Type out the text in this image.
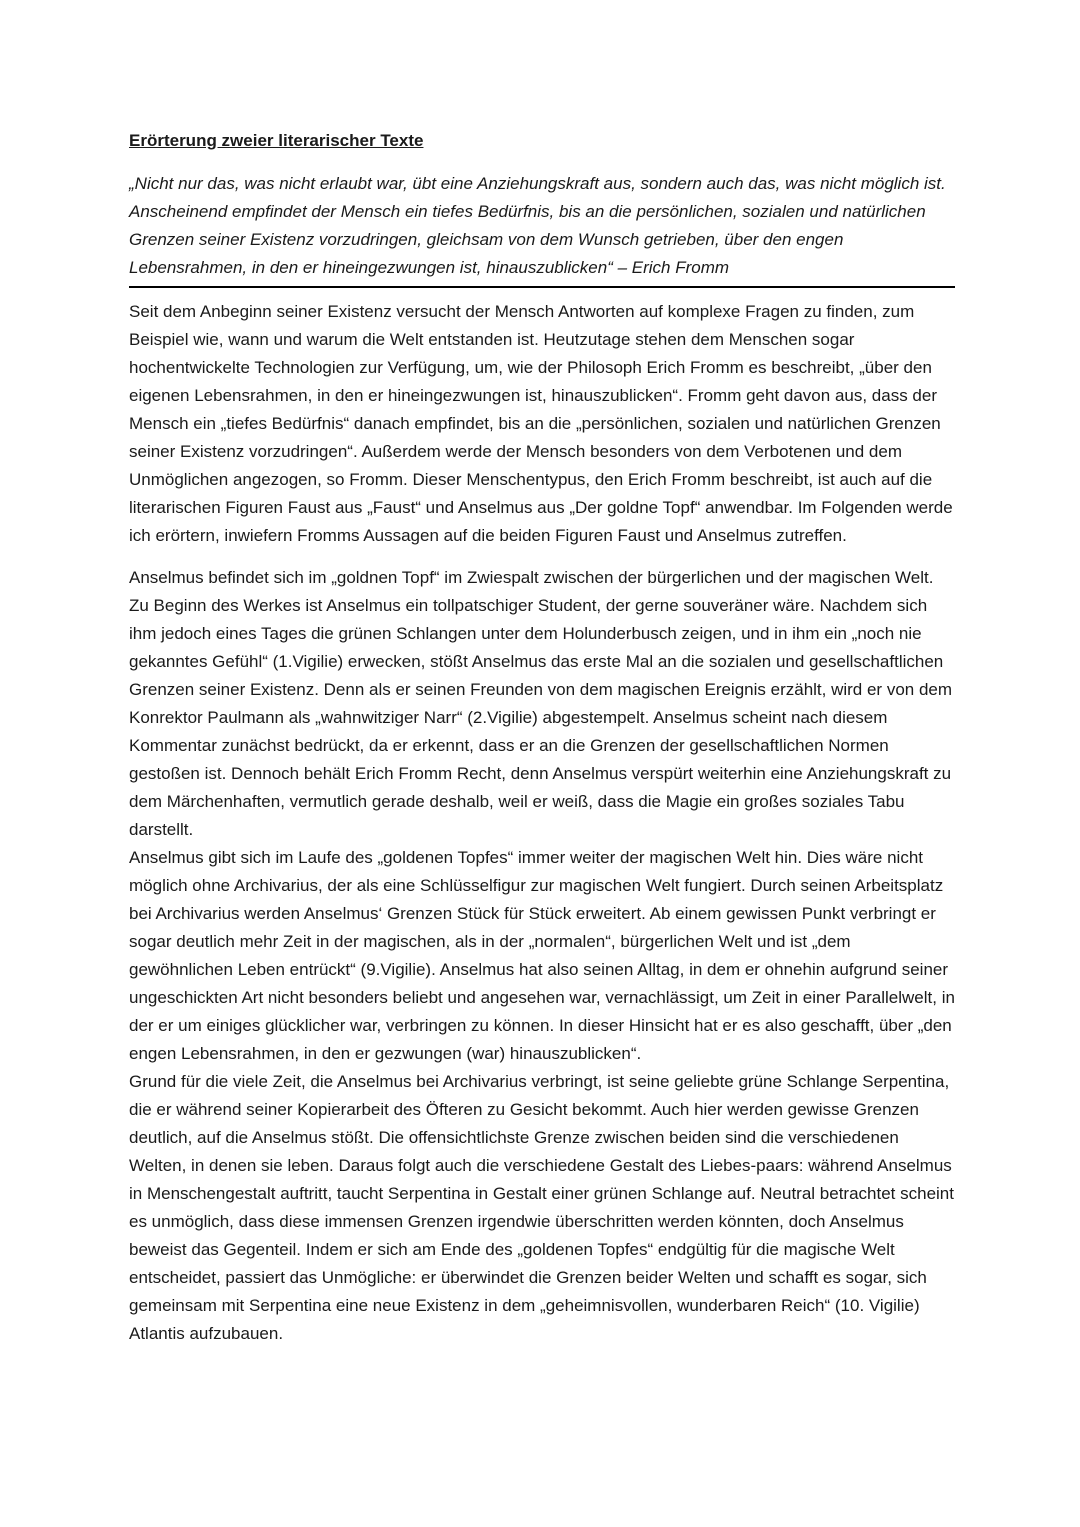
Erörterung zweier literarischer Texte

„Nicht nur das, was nicht erlaubt war, übt eine Anziehungskraft aus, sondern auch das, was nicht möglich ist. Anscheinend empfindet der Mensch ein tiefes Bedürfnis, bis an die persönlichen, sozialen und natürlichen Grenzen seiner Existenz vorzudringen, gleichsam von dem Wunsch getrieben, über den engen Lebensrahmen, in den er hineingezwungen ist, hinauszublicken“ – Erich Fromm

Seit dem Anbeginn seiner Existenz versucht der Mensch Antworten auf komplexe Fragen zu finden, zum Beispiel wie, wann und warum die Welt entstanden ist. Heutzutage stehen dem Menschen sogar hochentwickelte Technologien zur Verfügung, um, wie der Philosoph Erich Fromm es beschreibt, „über den eigenen Lebensrahmen, in den er hineingezwungen ist, hinauszublicken“. Fromm geht davon aus, dass der Mensch ein „tiefes Bedürfnis“ danach empfindet, bis an die „persönlichen, sozialen und natürlichen Grenzen seiner Existenz vorzudringen“. Außerdem werde der Mensch besonders von dem Verbotenen und dem Unmöglichen angezogen, so Fromm. Dieser Menschentypus, den Erich Fromm beschreibt, ist auch auf die literarischen Figuren Faust aus „Faust“ und Anselmus aus „Der goldne Topf“ anwendbar. Im Folgenden werde ich erörtern, inwiefern Fromms Aussagen auf die beiden Figuren Faust und Anselmus zutreffen.

Anselmus befindet sich im „goldnen Topf“ im Zwiespalt zwischen der bürgerlichen und der magischen Welt. Zu Beginn des Werkes ist Anselmus ein tollpatschiger Student, der gerne souveräner wäre. Nachdem sich ihm jedoch eines Tages die grünen Schlangen unter dem Holunderbusch zeigen, und in ihm ein „noch nie gekanntes Gefühl“ (1.Vigilie) erwecken, stößt Anselmus das erste Mal an die sozialen und gesellschaftlichen Grenzen seiner Existenz. Denn als er seinen Freunden von dem magischen Ereignis erzählt, wird er von dem Konrektor Paulmann als „wahnwitziger Narr“ (2.Vigilie) abgestempelt. Anselmus scheint nach diesem Kommentar zunächst bedrückt, da er erkennt, dass er an die Grenzen der gesellschaftlichen Normen gestoßen ist. Dennoch behält Erich Fromm Recht, denn Anselmus verspürt weiterhin eine Anziehungskraft zu dem Märchenhaften, vermutlich gerade deshalb, weil er weiß, dass die Magie ein großes soziales Tabu darstellt.

Anselmus gibt sich im Laufe des „goldenen Topfes“ immer weiter der magischen Welt hin. Dies wäre nicht möglich ohne Archivarius, der als eine Schlüsselfigur zur magischen Welt fungiert. Durch seinen Arbeitsplatz bei Archivarius werden Anselmus‘ Grenzen Stück für Stück erweitert. Ab einem gewissen Punkt verbringt er sogar deutlich mehr Zeit in der magischen, als in der „normalen“, bürgerlichen Welt und ist „dem gewöhnlichen Leben entrückt“ (9.Vigilie). Anselmus hat also seinen Alltag, in dem er ohnehin aufgrund seiner ungeschickten Art nicht besonders beliebt und angesehen war, vernachlässigt, um Zeit in einer Parallelwelt, in der er um einiges glücklicher war, verbringen zu können. In dieser Hinsicht hat er es also geschafft, über „den engen Lebensrahmen, in den er gezwungen (war) hinauszublicken“.

Grund für die viele Zeit, die Anselmus bei Archivarius verbringt, ist seine geliebte grüne Schlange Serpentina, die er während seiner Kopierarbeit des Öfteren zu Gesicht bekommt. Auch hier werden gewisse Grenzen deutlich, auf die Anselmus stößt. Die offensichtlichste Grenze zwischen beiden sind die verschiedenen Welten, in denen sie leben. Daraus folgt auch die verschiedene Gestalt des Liebes-paars: während Anselmus in Menschengestalt auftritt, taucht Serpentina in Gestalt einer grünen Schlange auf. Neutral betrachtet scheint es unmöglich, dass diese immensen Grenzen irgendwie überschritten werden könnten, doch Anselmus beweist das Gegenteil. Indem er sich am Ende des „goldenen Topfes“ endgültig für die magische Welt entscheidet, passiert das Unmögliche: er überwindet die Grenzen beider Welten und schafft es sogar, sich gemeinsam mit Serpentina eine neue Existenz in dem „geheimnisvollen, wunderbaren Reich“ (10. Vigilie) Atlantis aufzubauen.
